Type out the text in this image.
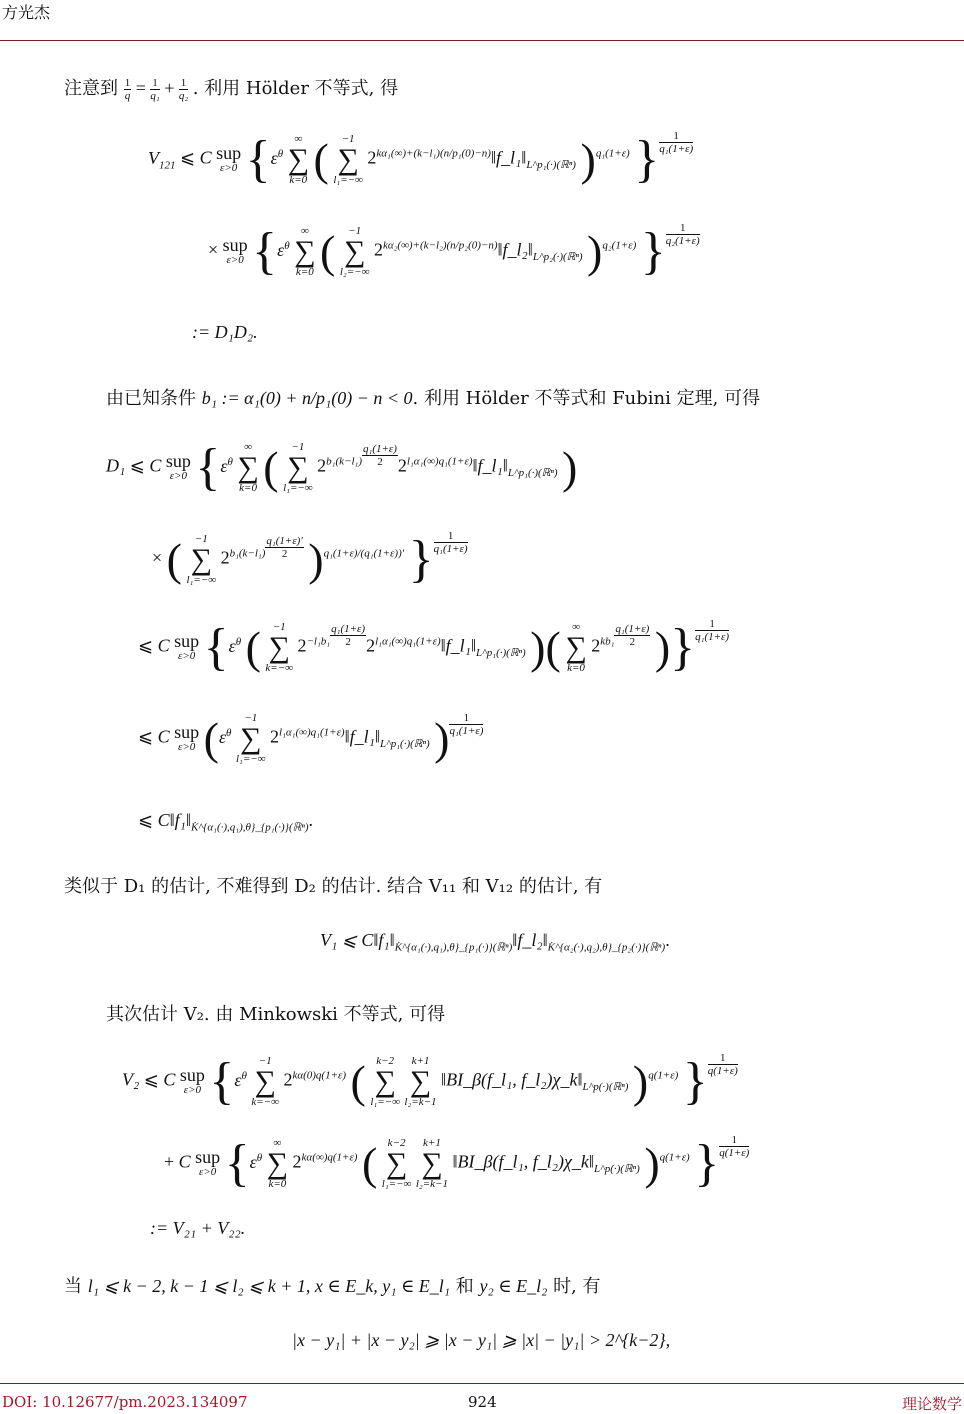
方光杰
注意到 $\frac{1}{q} = \frac{1}{\text{q₁}} + \frac{1}{\text{q₂}}$ . 利用 Hölder 不等式, 得
$V_{121}$ ⩽ C sup
ε>0 {$\varepsilon^\theta$
∞
∑
k=0 (	−1
∑
l₁=−∞
$2^{k\alpha_1(\infty)+(k-l_1)(n/p_1(0)-n)}‖f\_l_1‖_{L\^{}p_1(\cdot)(ℝ^n)}$ )$^{q_1(1+\varepsilon)}$ } $\frac{1}{\text{q₁(1+ε)}}$
× sup
ε>0 {$\varepsilon^\theta$
∞
∑
k=0 (	−1
∑
l₂=−∞
$2^{k\alpha_2(\infty)+(k-l_2)(n/p_2(0)-n)}‖f\_l_2‖_{L\^{}p_2(\cdot)(ℝ^n)}$ )$^{q_2(1+\varepsilon)}$ } $\frac{1}{\text{q₂(1+ε)}}$
:= D₁D₂.
由已知条件 b₁ := α₁(0) + n/p₁(0) − n < 0. 利用 Hölder 不等式和 Fubini 定理, 可得
D₁ ⩽ C sup
ε>0 {$\varepsilon^\theta$
∞
∑
k=0 (	−1
∑
l₁=−∞
$2^{b_1(k-l_1)} \frac{\text{q₁(1+ε)}}{2}$ $2^{l_1\alpha_1(\infty)q_1(1+\varepsilon)}‖f\_l_1‖_{L\^{}p_1(\cdot)(ℝ^n)}$ )
× (	−1
∑
l₁=−∞
$2^{b_1(k-l_1)} \frac{\text{q₁(1+ε)′}}{2} )^{q_1(1+\varepsilon)/(q_1(1+\varepsilon))'}$ } $\frac{1}{\text{q₁(1+ε)}}$
⩽ C sup
ε>0 {$\varepsilon^\theta$ (	−1
∑
k=−∞
$2^{-l_1b_1} \frac{\text{q₁(1+ε)}}{2}$ $2^{l_1\alpha_1(\infty)q_1(1+\varepsilon)}‖f\_l_1‖_{L\^{}p_1(\cdot)(ℝ^n)}$ )(	∞
∑
k=0
$2^{kb_1} \frac{\text{q₁(1+ε)}}{2}$ )} $\frac{1}{\text{q₁(1+ε)}}$
⩽ C sup
ε>0 ($\varepsilon^\theta$
−1
∑
l₁=−∞
$2^{l_1\alpha_1(\infty)q_1(1+\varepsilon)}‖f\_l_1‖_{L\^{}p_1(\cdot)(ℝ^n)}$ ) $\frac{1}{\text{q₁(1+ε)}}$
⩽ $C‖f_1‖_{K̇\^{}\{\alpha_1(\cdot),q_1),\theta\}\_\{p_1(\cdot)\}(ℝ^n)}$.
类似于 D₁ 的估计, 不难得到 D₂ 的估计. 结合 V₁₁ 和 V₁₂ 的估计, 有
V₁ ⩽ $C‖f_1‖_{K̇\^{}\{\alpha_1(\cdot),q_1),\theta\}\_\{p_1(\cdot)\}(ℝ^n)}‖f\_l_2‖_{K̇\^{}\{\alpha_2(\cdot),q_2),\theta\}\_\{p_2(\cdot)\}(ℝ^n)}$.
其次估计 V₂. 由 Minkowski 不等式, 可得
V₂ ⩽ C sup
ε>0 {$\varepsilon^\theta$
−1
∑
k=−∞
$2^{k\alpha(0)q(1+\varepsilon)}$ ( k−2
∑
l₁=−∞

k+1
∑
l₂=k−1
‖BI_β(f_l₁, $f\_l_2)\chi\_k‖_{L\^{}p(\cdot)(ℝ^n)}$ )$^{q(1+\varepsilon)}$ } $\frac{1}{q(1+\varepsilon)}$
+ C sup
ε>0 {$\varepsilon^\theta$
∞
∑
k=0
$2^{k\alpha(\infty)q(1+\varepsilon)}$ ( k−2
∑
l₁=−∞

k+1
∑
l₂=k−1
‖BI_β(f_l₁, $f\_l_2)\chi\_k‖_{L\^{}p(\cdot)(ℝ^n)}$ )$^{q(1+\varepsilon)}$ } $\frac{1}{q(1+\varepsilon)}$
:= V₂₁ + V₂₂.
当 l₁ ⩽ k − 2, k − 1 ⩽ l₂ ⩽ k + 1, x ∈ E_k, y₁ ∈ E_l₁ 和 y₂ ∈ E_l₂ 时, 有
|x − y₁| + |x − y₂| ⩾ |x − y₁| ⩾ |x| − |y₁| > 2^{k−2},
DOI: 10.12677/pm.2023.134097	924	理论数学
